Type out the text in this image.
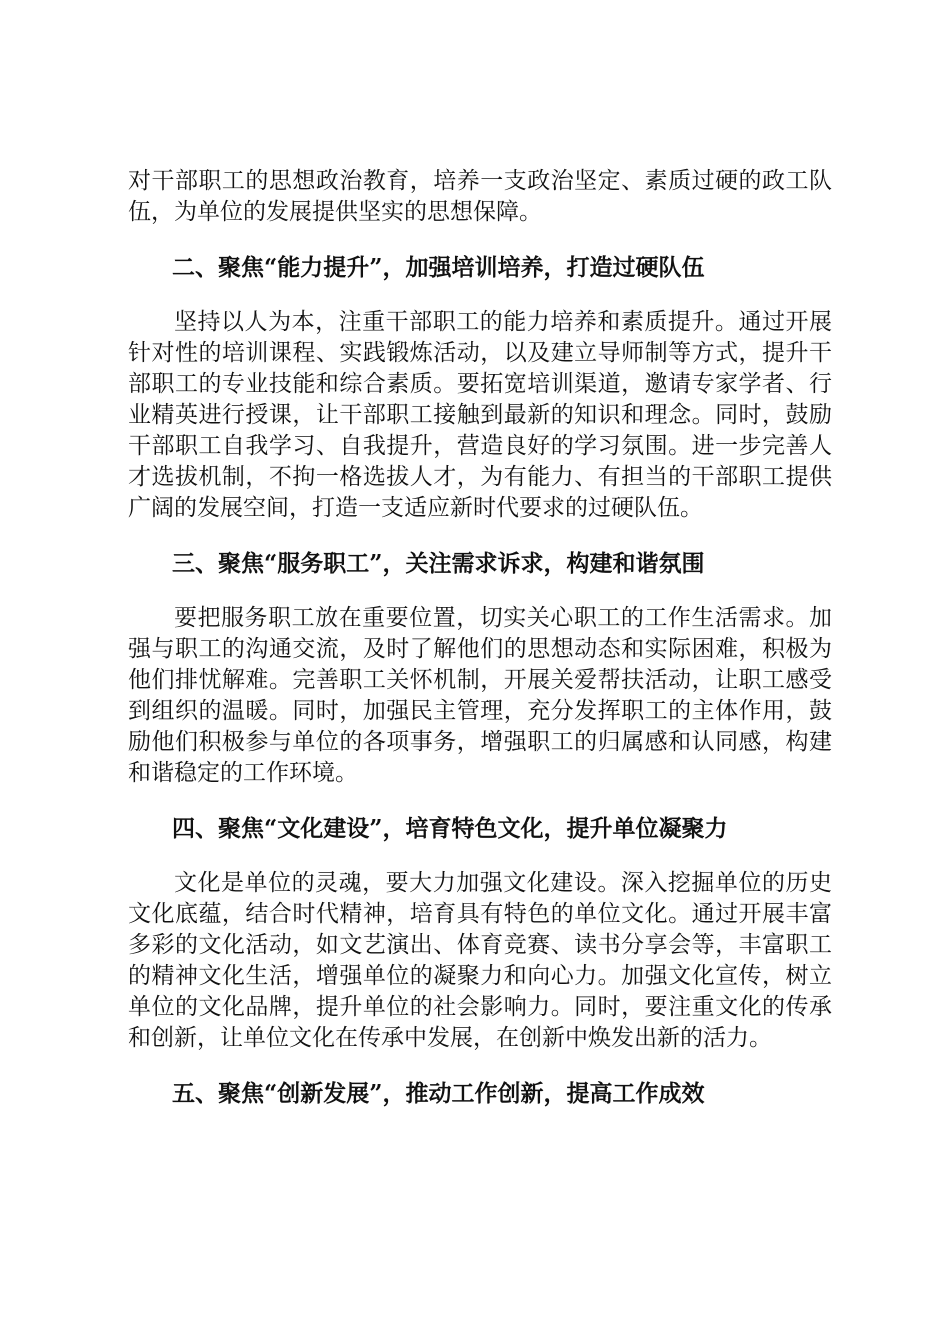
对干部职工的思想政治教育，培养一支政治坚定、素质过硬的政工队伍，为单位的发展提供坚实的思想保障。

二、聚焦“能力提升”，加强培训培养，打造过硬队伍

坚持以人为本，注重干部职工的能力培养和素质提升。通过开展针对性的培训课程、实践锻炼活动，以及建立导师制等方式，提升干部职工的专业技能和综合素质。要拓宽培训渠道，邀请专家学者、行业精英进行授课，让干部职工接触到最新的知识和理念。同时，鼓励干部职工自我学习、自我提升，营造良好的学习氛围。进一步完善人才选拔机制，不拘一格选拔人才，为有能力、有担当的干部职工提供广阔的发展空间，打造一支适应新时代要求的过硬队伍。

三、聚焦“服务职工”，关注需求诉求，构建和谐氛围

要把服务职工放在重要位置，切实关心职工的工作生活需求。加强与职工的沟通交流，及时了解他们的思想动态和实际困难，积极为他们排忧解难。完善职工关怀机制，开展关爱帮扶活动，让职工感受到组织的温暖。同时，加强民主管理，充分发挥职工的主体作用，鼓励他们积极参与单位的各项事务，增强职工的归属感和认同感，构建和谐稳定的工作环境。

四、聚焦“文化建设”，培育特色文化，提升单位凝聚力

文化是单位的灵魂，要大力加强文化建设。深入挖掘单位的历史文化底蕴，结合时代精神，培育具有特色的单位文化。通过开展丰富多彩的文化活动，如文艺演出、体育竞赛、读书分享会等，丰富职工的精神文化生活，增强单位的凝聚力和向心力。加强文化宣传，树立单位的文化品牌，提升单位的社会影响力。同时，要注重文化的传承和创新，让单位文化在传承中发展，在创新中焕发出新的活力。

五、聚焦“创新发展”，推动工作创新，提高工作成效
